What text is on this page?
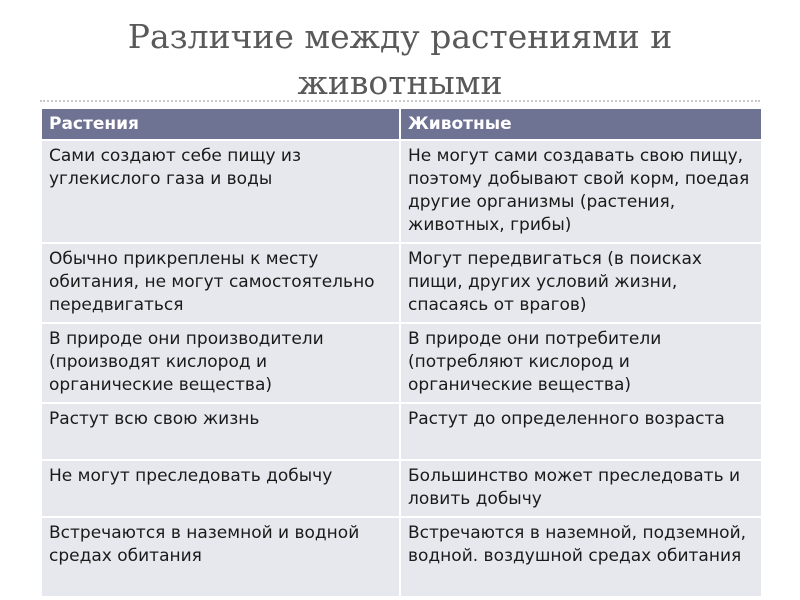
Различие между растениями и
животными
Растения	Животные
Сами создают себе пищу из углекислого газа и воды	Не могут сами создавать свою пищу, поэтому добывают свой корм, поедая другие организмы (растения, животных, грибы)
Обычно прикреплены к месту обитания, не могут самостоятельно передвигаться	Могут передвигаться (в поисках пищи, других условий жизни, спасаясь от врагов)
В природе они производители (производят кислород и органические вещества)	В природе они потребители (потребляют кислород и органические вещества)
Растут всю свою жизнь	Растут до определенного возраста
Не могут преследовать добычу	Большинство может преследовать и ловить добычу
Встречаются в наземной и водной средах обитания	Встречаются в наземной, подземной, водной. воздушной средах обитания
